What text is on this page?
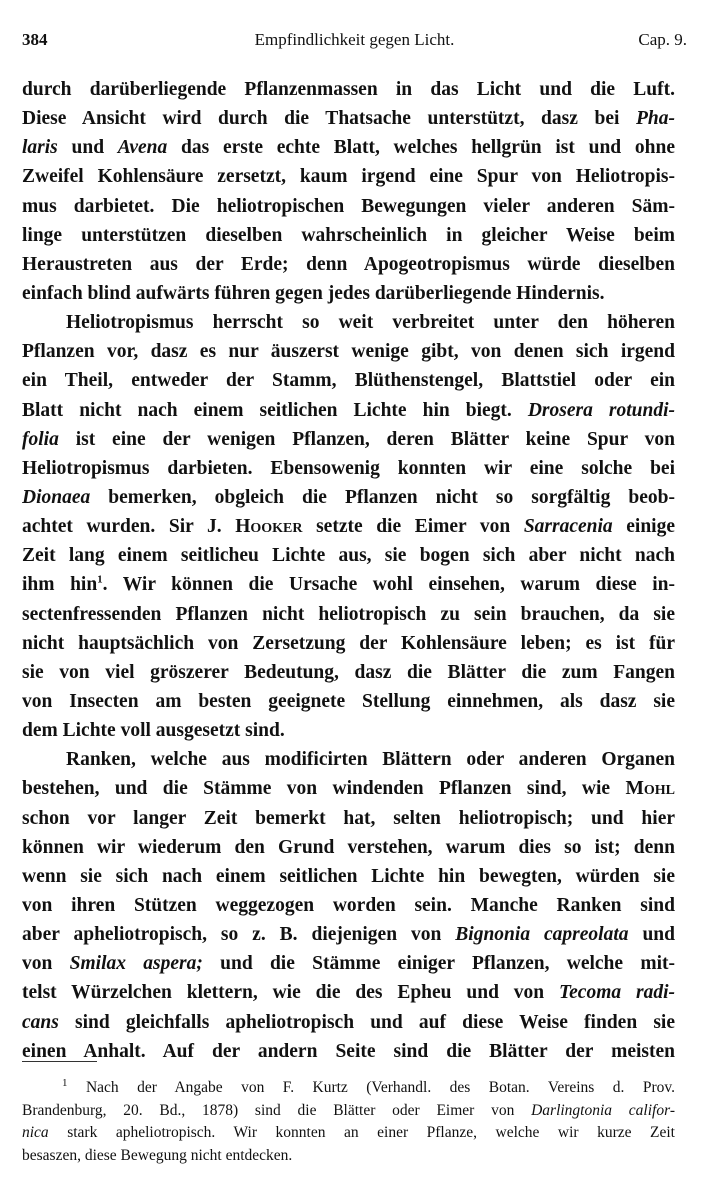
Empfindlichkeit gegen Licht.
384	Cap. 9.
durch darüberliegende Pflanzenmassen in das Licht und die Luft.
Diese Ansicht wird durch die Thatsache unterstützt, dasz bei Pha-
laris und Avena das erste echte Blatt, welches hellgrün ist und ohne
Zweifel Kohlensäure zersetzt, kaum irgend eine Spur von Heliotropis-
mus darbietet. Die heliotropischen Bewegungen vieler anderen Säm-
linge unterstützen dieselben wahrscheinlich in gleicher Weise beim
Heraustreten aus der Erde; denn Apogeotropismus würde dieselben
einfach blind aufwärts führen gegen jedes darüberliegende Hindernis.
Heliotropismus herrscht so weit verbreitet unter den höheren
Pflanzen vor, dasz es nur äuszerst wenige gibt, von denen sich irgend
ein Theil, entweder der Stamm, Blüthenstengel, Blattstiel oder ein
Blatt nicht nach einem seitlichen Lichte hin biegt. Drosera rotundi-
folia ist eine der wenigen Pflanzen, deren Blätter keine Spur von
Heliotropismus darbieten. Ebensowenig konnten wir eine solche bei
Dionaea bemerken, obgleich die Pflanzen nicht so sorgfältig beob-
achtet wurden. Sir J. Hooker setzte die Eimer von Sarracenia einige
Zeit lang einem seitlicheu Lichte aus, sie bogen sich aber nicht nach
ihm hin$^1$. Wir können die Ursache wohl einsehen, warum diese in-
sectenfressenden Pflanzen nicht heliotropisch zu sein brauchen, da sie
nicht hauptsächlich von Zersetzung der Kohlensäure leben; es ist für
sie von viel gröszerer Bedeutung, dasz die Blätter die zum Fangen
von Insecten am besten geeignete Stellung einnehmen, als dasz sie
dem Lichte voll ausgesetzt sind.
Ranken, welche aus modificirten Blättern oder anderen Organen
bestehen, und die Stämme von windenden Pflanzen sind, wie Mohl
schon vor langer Zeit bemerkt hat, selten heliotropisch; und hier
können wir wiederum den Grund verstehen, warum dies so ist; denn
wenn sie sich nach einem seitlichen Lichte hin bewegten, würden sie
von ihren Stützen weggezogen worden sein. Manche Ranken sind
aber apheliotropisch, so z. B. diejenigen von Bignonia capreolata und
von Smilax aspera; und die Stämme einiger Pflanzen, welche mit-
telst Würzelchen klettern, wie die des Epheu und von Tecoma radi-
cans sind gleichfalls apheliotropisch und auf diese Weise finden sie
einen Anhalt. Auf der andern Seite sind die Blätter der meisten
$^1$ Nach der Angabe von F. Kurtz (Verhandl. des Botan. Vereins d. Prov.
Brandenburg, 20. Bd., 1878) sind die Blätter oder Eimer von Darlingtonia califor-
nica stark apheliotropisch. Wir konnten an einer Pflanze, welche wir kurze Zeit
besaszen, diese Bewegung nicht entdecken.
